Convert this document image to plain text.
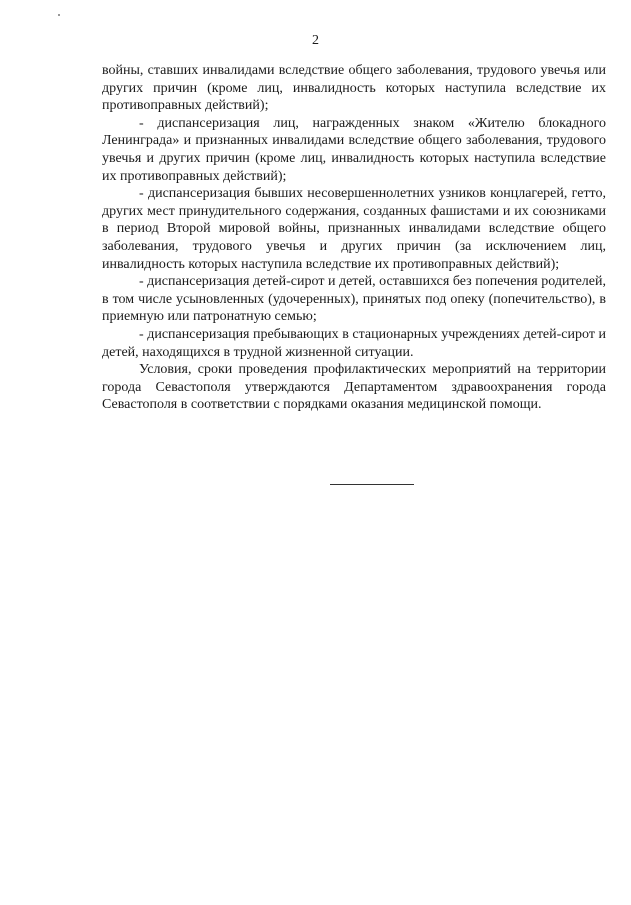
2

войны, ставших инвалидами вследствие общего заболевания, трудового увечья или других причин (кроме лиц, инвалидность которых наступила вследствие их противоправных действий);

- диспансеризация лиц, награжденных знаком «Жителю блокадного Ленинграда» и признанных инвалидами вследствие общего заболевания, трудового увечья и других причин (кроме лиц, инвалидность которых наступила вследствие их противоправных действий);

- диспансеризация бывших несовершеннолетних узников концлагерей, гетто, других мест принудительного содержания, созданных фашистами и их союзниками в период Второй мировой войны, признанных инвалидами вследствие общего заболевания, трудового увечья и других причин (за исключением лиц, инвалидность которых наступила вследствие их противоправных действий);

- диспансеризация детей-сирот и детей, оставшихся без попечения родителей, в том числе усыновленных (удочеренных), принятых под опеку (попечительство), в приемную или патронатную семью;

- диспансеризация пребывающих в стационарных учреждениях детей-сирот и детей, находящихся в трудной жизненной ситуации.

Условия, сроки проведения профилактических мероприятий на территории города Севастополя утверждаются Департаментом здравоохранения города Севастополя в соответствии с порядками оказания медицинской помощи.
